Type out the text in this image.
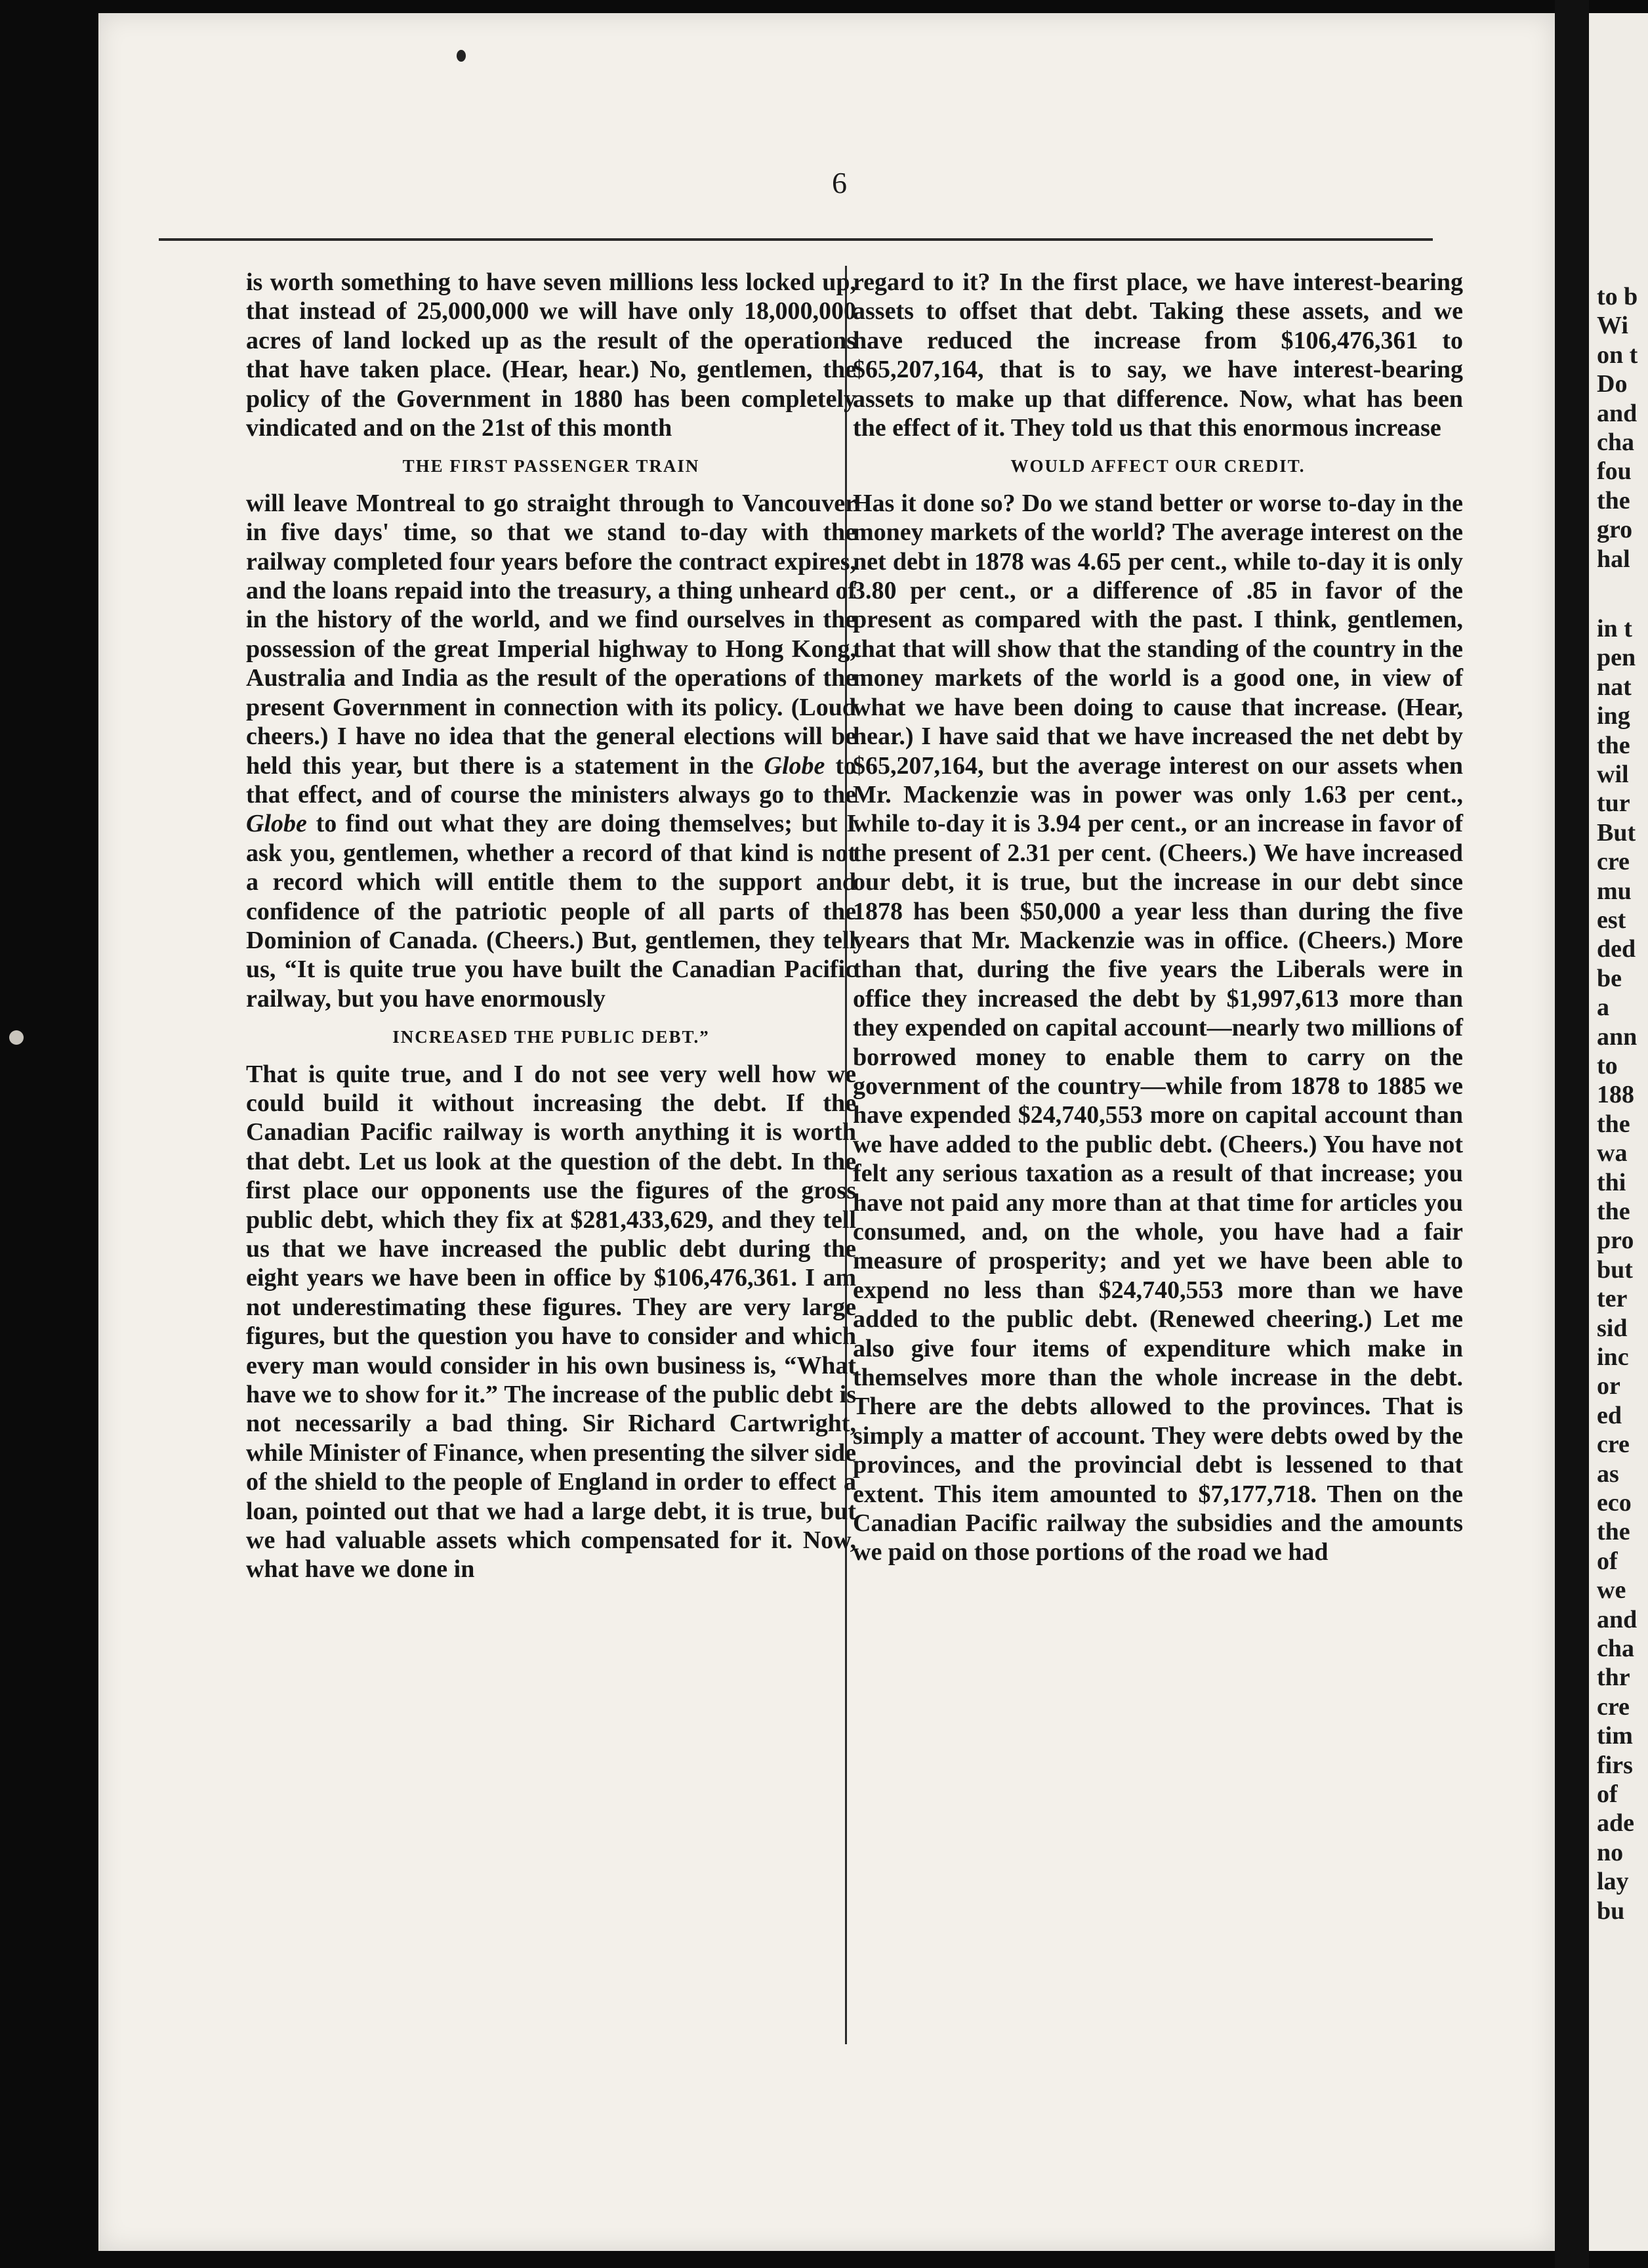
6

is worth something to have seven millions less locked up, that instead of 25,000,000 we will have only 18,000,000 acres of land locked up as the result of the operations that have taken place. (Hear, hear.) No, gentlemen, the policy of the Government in 1880 has been completely vindicated and on the 21st of this month

THE FIRST PASSENGER TRAIN

will leave Montreal to go straight through to Vancouver in five days' time, so that we stand to-day with the railway completed four years before the contract expires, and the loans repaid into the treasury, a thing unheard of in the history of the world, and we find ourselves in the possession of the great Imperial highway to Hong Kong, Australia and India as the result of the operations of the present Government in connection with its policy. (Loud cheers.) I have no idea that the general elections will be held this year, but there is a statement in the Globe to that effect, and of course the ministers always go to the Globe to find out what they are doing themselves; but I ask you, gentlemen, whether a record of that kind is not a record which will entitle them to the support and confidence of the patriotic people of all parts of the Dominion of Canada. (Cheers.) But, gentlemen, they tell us, “It is quite true you have built the Canadian Pacific railway, but you have enormously

INCREASED THE PUBLIC DEBT.”

That is quite true, and I do not see very well how we could build it without increasing the debt. If the Canadian Pacific railway is worth anything it is worth that debt. Let us look at the question of the debt. In the first place our opponents use the figures of the gross public debt, which they fix at $281,433,629, and they tell us that we have increased the public debt during the eight years we have been in office by $106,476,361. I am not underestimating these figures. They are very large figures, but the question you have to consider and which every man would consider in his own business is, “What have we to show for it.” The increase of the public debt is not necessarily a bad thing. Sir Richard Cartwright, while Minister of Finance, when presenting the silver side of the shield to the people of England in order to effect a loan, pointed out that we had a large debt, it is true, but we had valuable assets which compensated for it. Now, what have we done in

regard to it? In the first place, we have interest-bearing assets to offset that debt. Taking these assets, and we have reduced the increase from $106,476,361 to $65,207,164, that is to say, we have interest-bearing assets to make up that difference. Now, what has been the effect of it. They told us that this enormous increase

WOULD AFFECT OUR CREDIT.

Has it done so? Do we stand better or worse to-day in the money markets of the world? The average interest on the net debt in 1878 was 4.65 per cent., while to-day it is only 3.80 per cent., or a difference of .85 in favor of the present as compared with the past. I think, gentlemen, that that will show that the standing of the country in the money markets of the world is a good one, in view of what we have been doing to cause that increase. (Hear, hear.) I have said that we have increased the net debt by $65,207,164, but the average interest on our assets when Mr. Mackenzie was in power was only 1.63 per cent., while to-day it is 3.94 per cent., or an increase in favor of the present of 2.31 per cent. (Cheers.) We have increased our debt, it is true, but the increase in our debt since 1878 has been $50,000 a year less than during the five years that Mr. Mackenzie was in office. (Cheers.) More than that, during the five years the Liberals were in office they increased the debt by $1,997,613 more than they expended on capital account—nearly two millions of borrowed money to enable them to carry on the government of the country—while from 1878 to 1885 we have expended $24,740,553 more on capital account than we have added to the public debt. (Cheers.) You have not felt any serious taxation as a result of that increase; you have not paid any more than at that time for articles you consumed, and, on the whole, you have had a fair measure of prosperity; and yet we have been able to expend no less than $24,740,553 more than we have added to the public debt. (Renewed cheering.) Let me also give four items of expenditure which make in themselves more than the whole increase in the debt. There are the debts allowed to the provinces. That is simply a matter of account. They were debts owed by the provinces, and the provincial debt is lessened to that extent. This item amounted to $7,177,718. Then on the Canadian Pacific railway the subsidies and the amounts we paid on those portions of the road we had

to b
Wi
on t
Do
and
cha
fou
the
gro
hal
in t
pen
nat
ing
the
wil
tur
But
cre
mu
est
ded
be
a
ann
to
188
the
wa
thi
the
pro
but
ter
sid
inc
or
ed
cre
as
eco
the
of
we
and
cha
thr
cre
tim
firs
of
ade
no
lay
bu
